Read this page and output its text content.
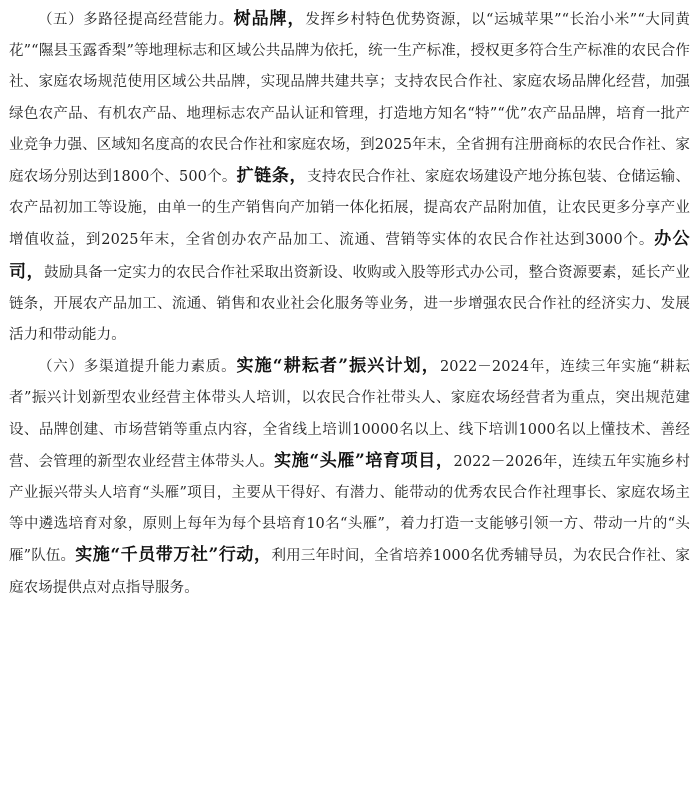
（五）多路径提高经营能力。树品牌，发挥乡村特色优势资源，以“运城苹果”“长治小米”“大同黄花”“隰县玉露香梨”等地理标志和区域公共品牌为依托，统一生产标准，授权更多符合生产标准的农民合作社、家庭农场规范使用区域公共品牌，实现品牌共建共享；支持农民合作社、家庭农场品牌化经营，加强绿色农产品、有机农产品、地理标志农产品认证和管理，打造地方知名“特”“优”农产品品牌，培育一批产业竞争力强、区域知名度高的农民合作社和家庭农场，到2025年末，全省拥有注册商标的农民合作社、家庭农场分别达到1800个、500个。扩链条，支持农民合作社、家庭农场建设产地分拣包装、仓储运输、农产品初加工等设施，由单一的生产销售向产加销一体化拓展，提高农产品附加值，让农民更多分享产业增值收益，到2025年末，全省创办农产品加工、流通、营销等实体的农民合作社达到3000个。办公司，鼓励具备一定实力的农民合作社采取出资新设、收购或入股等形式办公司，整合资源要素，延长产业链条，开展农产品加工、流通、销售和农业社会化服务等业务，进一步增强农民合作社的经济实力、发展活力和带动能力。

（六）多渠道提升能力素质。实施“耕耘者”振兴计划，2022－2024年，连续三年实施“耕耘者”振兴计划新型农业经营主体带头人培训，以农民合作社带头人、家庭农场经营者为重点，突出规范建设、品牌创建、市场营销等重点内容，全省线上培训10000名以上、线下培训1000名以上懂技术、善经营、会管理的新型农业经营主体带头人。实施“头雁”培育项目，2022－2026年，连续五年实施乡村产业振兴带头人培育“头雁”项目，主要从干得好、有潜力、能带动的优秀农民合作社理事长、家庭农场主等中遴选培育对象，原则上每年为每个县培育10名“头雁”，着力打造一支能够引领一方、带动一片的“头雁”队伍。实施“千员带万社”行动，利用三年时间，全省培养1000名优秀辅导员，为农民合作社、家庭农场提供点对点指导服务。
